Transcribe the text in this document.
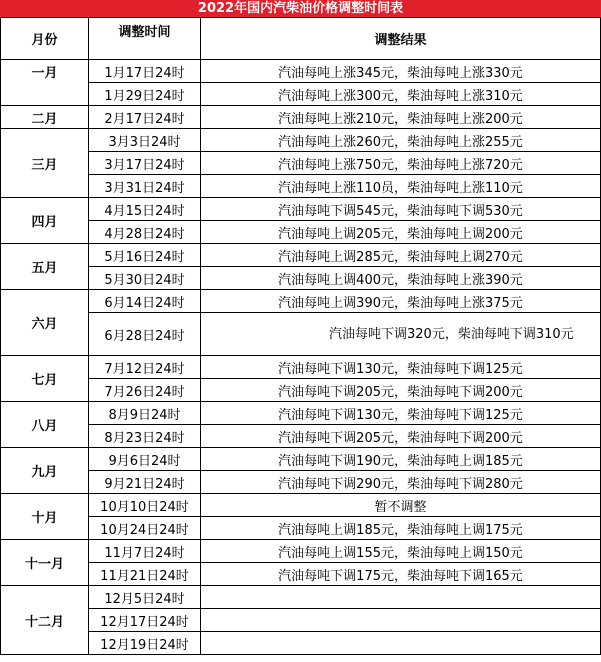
2022年国内汽柴油价格调整时间表
月份	调整时间	调整结果
一月	1月17日24时	汽油每吨上涨345元，柴油每吨上涨330元
	1月29日24时	汽油每吨上涨300元，柴油每吨上涨310元
二月	2月17日24时	汽油每吨上涨210元，柴油每吨上涨200元
三月	3月3日24时	汽油每吨上涨260元，柴油每吨上涨255元
	3月17日24时	汽油每吨上涨750元，柴油每吨上涨720元
	3月31日24时	汽油每吨上涨110员，柴油每吨上涨110元
四月	4月15日24时	汽油每吨下调545元，柴油每吨下调530元
	4月28日24时	汽油每吨上调205元，柴油每吨上调200元
五月	5月16日24时	汽油每吨上调285元，柴油每吨上调270元
	5月30日24时	汽油每吨上调400元，柴油每吨上涨390元
六月	6月14日24时	汽油每吨上调390元，柴油每吨上涨375元
	6月28日24时	汽油每吨下调320元，柴油每吨下调310元

七月	7月12日24时	汽油每吨下调130元，柴油每吨下调125元
	7月26日24时	汽油每吨下调205元，柴油每吨下调200元
八月	8月9日24时	汽油每吨下调130元，柴油每吨下调125元
	8月23日24时	汽油每吨下调205元，柴油每吨下调200元
九月	9月6日24时	汽油每吨下调190元，柴油每吨上调185元
	9月21日24时	汽油每吨下调290元，柴油每吨下调280元
十月	10月10日24时	暂不调整
	10月24日24时	汽油每吨上调185元，柴油每吨上调175元
十一月	11月7日24时	汽油每吨上调155元，柴油每吨上调150元
	11月21日24时	汽油每吨下调175元，柴油每吨下调165元
十二月	12月5日24时	
	12月17日24时	
	12月19日24时	
